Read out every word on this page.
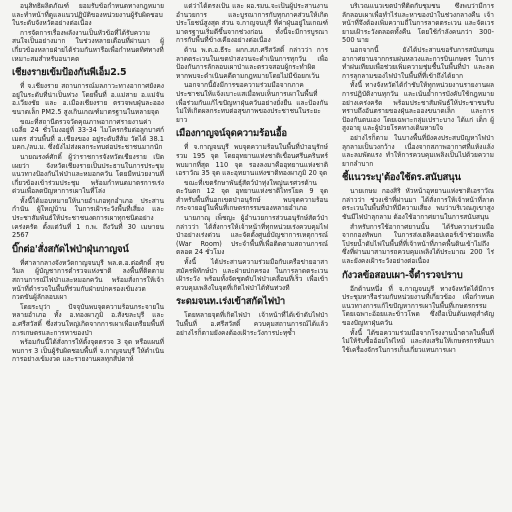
อนุสิทธิผลิตภัณฑ์ ยอมรับข้อกำหนดทางกฎหมาย และทำหน้าที่ดูแลแนวปฏิบัติของหน่วยงานผู้รับผิดชอบในระดับจังหวัดอย่างต่อเนื่อง

การจัดการเรื่องพลังงานเป็นหัวข้อที่ได้รับความสนใจเป็นอย่างมาก ในช่วงหลายเดือนที่ผ่านมา ผู้เกี่ยวข้องหลายฝ่ายได้ร่วมกันหารือเพื่อกำหนดทิศทางที่เหมาะสมสำหรับอนาคต

เชียงรายเข้มป้องกันพีเอ็ม2.5

ที่ จ.เชียงราย สถานการณ์มลภาวะทางอากาศยังคงอยู่ในระดับที่น่าเป็นห่วง โดยพื้นที่ อ.แม่สาย อ.แม่จัน อ.เวียงชัย และ อ.เมืองเชียงราย ตรวจพบฝุ่นละอองขนาดเล็ก PM2.5 สูงเกินเกณฑ์มาตรฐานในหลายจุด

ขณะที่สถานีตรวจวัดคุณภาพอากาศรายงานค่าเฉลี่ย 24 ชั่วโมงอยู่ที่ 33-34 ไมโครกรัมต่อลูกบาศก์เมตร ส่วนพื้นที่ อ.เชียงของ อยู่ระดับสีส้ม วัดได้ 38.1 มคก./ลบ.ม. ซึ่งยังไม่ส่งผลกระทบต่อประชาชนมากนัก

นายณรงค์ศักดิ์ ผู้ว่าราชการจังหวัดเชียงราย เปิดเผยว่า จังหวัดเชียงรายเป็นประธานในการประชุมแนวทางป้องกันไฟป่าและหมอกควัน โดยมีหน่วยงานที่เกี่ยวข้องเข้าร่วมประชุม พร้อมกำหนดมาตรการเร่งด่วนเพื่อลดปัญหาการเผาในที่โล่ง

ทั้งนี้ได้มอบหมายให้นายอำเภอทุกอำเภอ ประสานกำนัน ผู้ใหญ่บ้าน ในการเฝ้าระวังพื้นที่เสี่ยง และประชาสัมพันธ์ให้ประชาชนงดการเผาทุกชนิดอย่างเคร่งครัด ตั้งแต่วันที่ 1 ก.พ. ถึงวันที่ 30 เมษายน 2567

บิ๊กต่อ'สั่งสกัดไฟป่าฝุ่นกาญจน์

ที่ศาลากลางจังหวัดกาญจนบุรี พล.ต.อ.ต่อศักดิ์ สุขวิมล ผู้บัญชาการตำรวจแห่งชาติ ลงพื้นที่ติดตามสถานการณ์ไฟป่าและหมอกควัน พร้อมสั่งการให้เจ้าหน้าที่ตำรวจในพื้นที่ร่วมกับฝ่ายปกครองเข้มงวดกวดขันผู้ลักลอบเผา

โดยระบุว่า ปัจจุบันพบจุดความร้อนกระจายในหลายอำเภอ ทั้ง อ.ทองผาภูมิ อ.สังขละบุรี และ อ.ศรีสวัสดิ์ ซึ่งส่วนใหญ่เกิดจากการเผาเพื่อเตรียมพื้นที่การเกษตรและการหาของป่า

พร้อมกันนี้ได้สั่งการให้ตั้งจุดตรวจ 3 จุด หรือแผนที่พบการ 3 เป็นผู้รับผิดชอบพื้นที่ จ.กาญจนบุรี ให้ดำเนินการอย่างเข้มงวด และรายงานผลทุกสัปดาห์

แต่ว่าได้ตรงเป้น และ ผอ.รมน.จะเป็นผู้ประสานงาน อำนวยการ และบูรณาการกับทุกภาคส่วนให้เกิดประโยชน์สูงสุด ส่วน จ.กาญจนบุรี ที่ค่าฝุ่นอยู่ในเกณฑ์มาตรฐานเริ่มดีขึ้นจากช่วงก่อน ทั้งนี้จะมีการบูรณาการกับพื้นที่ข้างเคียงอย่างต่อเนื่อง

ด้าน พ.ต.อ.ธีระ ผกก.สภ.ศรีสวัสดิ์ กล่าวว่า การลาดตระเวนในเขตป่าสงวนจะดำเนินการทุกวัน เพื่อป้องกันการลักลอบเผาป่าและตรวจสอบผู้กระทำผิด หากพบจะดำเนินคดีตามกฎหมายโดยไม่มีข้อยกเว้น

นอกจากนี้ยังมีการขอความร่วมมือจากภาคประชาชนให้แจ้งเบาะแสเมื่อพบเห็นการเผาในพื้นที่ เพื่อร่วมกันแก้ไขปัญหาฝุ่นควันอย่างยั่งยืน และป้องกันไม่ให้เกิดผลกระทบต่อสุขภาพของประชาชนในระยะยาว

เมืองกาญจน์จุดความร้อนอื้อ

ที่ จ.กาญจนบุรี พบจุดความร้อนในพื้นที่ป่าอนุรักษ์ รวม 195 จุด โดยอุทยานแห่งชาติเขื่อนศรีนครินทร์ พบมากที่สุด 110 จุด รองลงมาคืออุทยานแห่งชาติเอราวัณ 35 จุด และอุทยานแห่งชาติทองผาภูมิ 20 จุด

ขณะที่เขตรักษาพันธุ์สัตว์ป่าทุ่งใหญ่นเรศวรด้านตะวันตก 12 จุด อุทยานแห่งชาติไทรโยค 9 จุด สำหรับพื้นที่นอกเขตป่าอนุรักษ์ พบจุดความร้อนกระจายอยู่ในพื้นที่เกษตรกรรมของหลายอำเภอ

นายภาณุ เพ็ชญะ ผู้อำนวยการส่วนอนุรักษ์สัตว์ป่า กล่าวว่า ได้สั่งการให้เจ้าหน้าที่ทุกหน่วยเร่งควบคุมไฟป่าอย่างเร่งด่วน และจัดตั้งศูนย์บัญชาการเหตุการณ์ (War Room) ประจำพื้นที่เพื่อติดตามสถานการณ์ตลอด 24 ชั่วโมง

ทั้งนี้ ได้ประสานความร่วมมือกับเครือข่ายอาสาสมัครพิทักษ์ป่า และฝ่ายปกครอง ในการลาดตระเวนเฝ้าระวัง พร้อมทั้งจัดชุดดับไฟป่าเคลื่อนที่เร็ว เพื่อเข้าควบคุมเพลิงในจุดที่เกิดไฟป่าได้ทันท่วงที

ระดมจนท.เร่งเข้าสกัดไฟป่า

โดยหลายจุดที่เกิดไฟป่า เจ้าหน้าที่ได้เข้าดับไฟป่าในพื้นที่ อ.ศรีสวัสดิ์ ควบคุมสถานการณ์ได้แล้ว อย่างไรก็ตามยังคงต้องเฝ้าระวังการปะทุซ้ำ

บริเวณแนวเขตป่าที่ติดกับชุมชน ซึ่งพบว่ามีการลักลอบเผาเพื่อทำไร่และหาของป่าในช่วงกลางคืน เจ้าหน้าที่จึงต้องเพิ่มความถี่ในการลาดตระเวน และจัดเวรยามเฝ้าระวังตลอดทั้งคืน โดยใช้กำลังคนกว่า 300-500 นาย

นอกจากนี้ ยังได้ประสานขอรับการสนับสนุนอากาศยานจากกรมฝนหลวงและการบินเกษตร ในการทำฝนเทียมเพื่อช่วยเพิ่มความชุ่มชื้นในพื้นที่ป่า และลดการลุกลามของไฟป่าในพื้นที่ที่เข้าถึงได้ยาก

ทั้งนี้ ทางจังหวัดได้กำชับให้ทุกหน่วยงานรายงานผลการปฏิบัติงานทุกวัน และเน้นย้ำการบังคับใช้กฎหมายอย่างเคร่งครัด พร้อมประชาสัมพันธ์ให้ประชาชนรับทราบถึงอันตรายของฝุ่นละอองขนาดเล็ก และการป้องกันตนเอง โดยเฉพาะกลุ่มเปราะบาง ได้แก่ เด็ก ผู้สูงอายุ และผู้ป่วยโรคทางเดินหายใจ

อย่างไรก็ตาม ในบางพื้นที่ยังคงประสบปัญหาไฟป่าลุกลามเป็นวงกว้าง เนื่องจากสภาพอากาศที่แห้งแล้ง และลมพัดแรง ทำให้การควบคุมเพลิงเป็นไปด้วยความยากลำบาก

ชี้แนวระบุ'ต้องใช้ดร.สนับสนุน

นายเกษม กองสิริ หัวหน้าอุทยานแห่งชาติเอราวัณ กล่าวว่า ช่วงเช้าที่ผ่านมา ได้สั่งการให้เจ้าหน้าที่ลาดตระเวนในพื้นที่ป่าที่มีความเสี่ยง พบว่าบริเวณภูเขาสูงชันมีไฟป่าลุกลาม ต้องใช้อากาศยานในการสนับสนุน

สำหรับการใช้อากาศยานนั้น ได้รับความร่วมมือจากกองทัพบก ในการส่งเฮลิคอปเตอร์เข้าช่วยเหลือ โปรยน้ำดับไฟในพื้นที่ที่เจ้าหน้าที่ภาคพื้นดินเข้าไม่ถึง ซึ่งที่ผ่านมาสามารถควบคุมเพลิงได้ประมาณ 200 ไร่ และยังคงเฝ้าระวังอย่างต่อเนื่อง

กังวลข้อสอบเผา-จี้ตำรวจปราบ

อีกด้านหนึ่ง ที่ จ.กาญจนบุรี ทางจังหวัดได้มีการประชุมหารือร่วมกับหน่วยงานที่เกี่ยวข้อง เพื่อกำหนดแนวทางการแก้ไขปัญหาการเผาในพื้นที่เกษตรกรรม โดยเฉพาะอ้อยและข้าวโพด ซึ่งถือเป็นต้นเหตุสำคัญของปัญหาฝุ่นควัน

ทั้งนี้ ได้ขอความร่วมมือจากโรงงานน้ำตาลในพื้นที่ ไม่ให้รับซื้ออ้อยไฟไหม้ และส่งเสริมให้เกษตรกรหันมาใช้เครื่องจักรในการเก็บเกี่ยวแทนการเผา
